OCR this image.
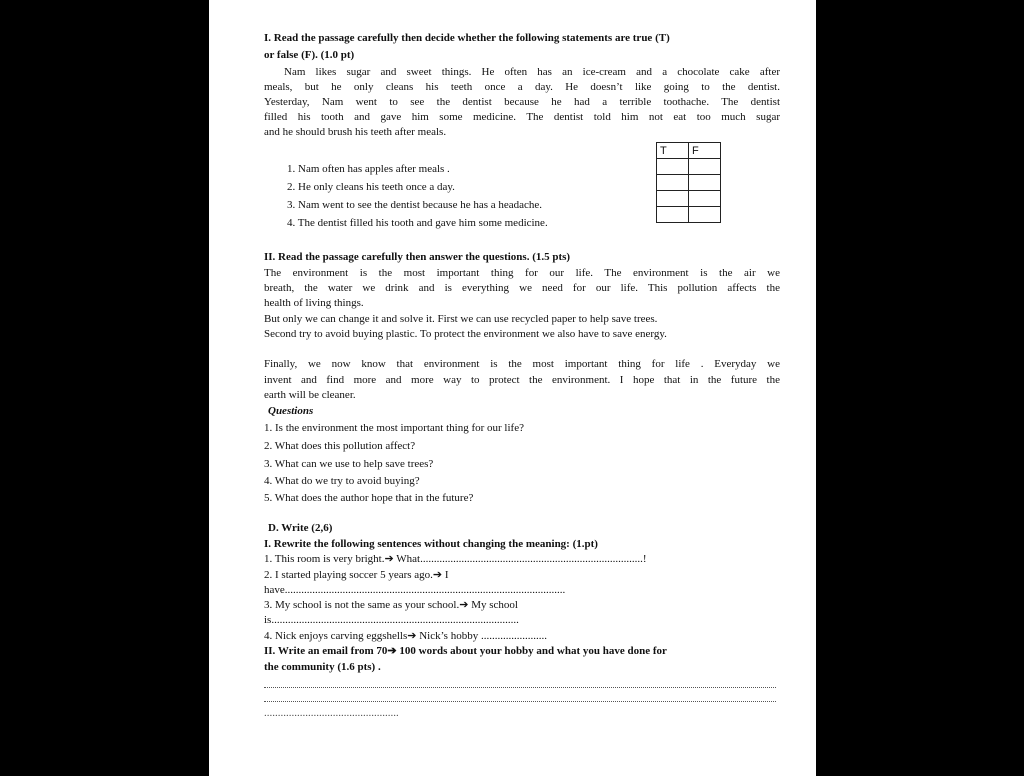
I. Read the passage carefully then decide whether the following statements are true (T)
or false (F). (1.0 pt)
Nam likes sugar and sweet things. He often has an ice-cream and a chocolate cake after
meals, but he only cleans his teeth once a day. He doesn’t like going to the dentist.
Yesterday, Nam went to see the dentist because he had a terrible toothache. The dentist
filled his tooth and gave him some medicine. The dentist told him not eat too much sugar
and he should brush his teeth after meals.
T	F

1. Nam often has apples after meals .
2. He only cleans his teeth once a day.
3. Nam went to see the dentist because he has a headache.
4. The dentist filled his tooth and gave him some medicine.
II. Read the passage carefully then answer the questions. (1.5 pts)
The environment is the most important thing for our life. The environment is the air we
breath, the water we drink and is everything we need for our life. This pollution affects the
health of living things.
But only we can change it and solve it. First we can use recycled paper to help save trees.
Second try to avoid buying plastic. To protect the environment we also have to save energy.
Finally, we now know that environment is the most important thing for life . Everyday we
invent and find more and more way to protect the environment. I hope that in the future the
earth will be cleaner.
Questions
1. Is the environment the most important thing for our life?
2. What does this pollution affect?
3. What can we use to help save trees?
4. What do we try to avoid buying?
5. What does the author hope that in the future?
D. Write (2,6)
I. Rewrite the following sentences without changing the meaning: (1.pt)
1. This room is very bright.➔ What.................................................................................!
2. I started playing soccer 5 years ago.➔ I
have......................................................................................................
3. My school is not the same as your school.➔ My school
is..........................................................................................
4. Nick enjoys carving eggshells➔ Nick’s hobby ........................
II. Write an email from 70➔ 100 words about your hobby and what you have done for
the community (1.6 pts) .
.................................................
